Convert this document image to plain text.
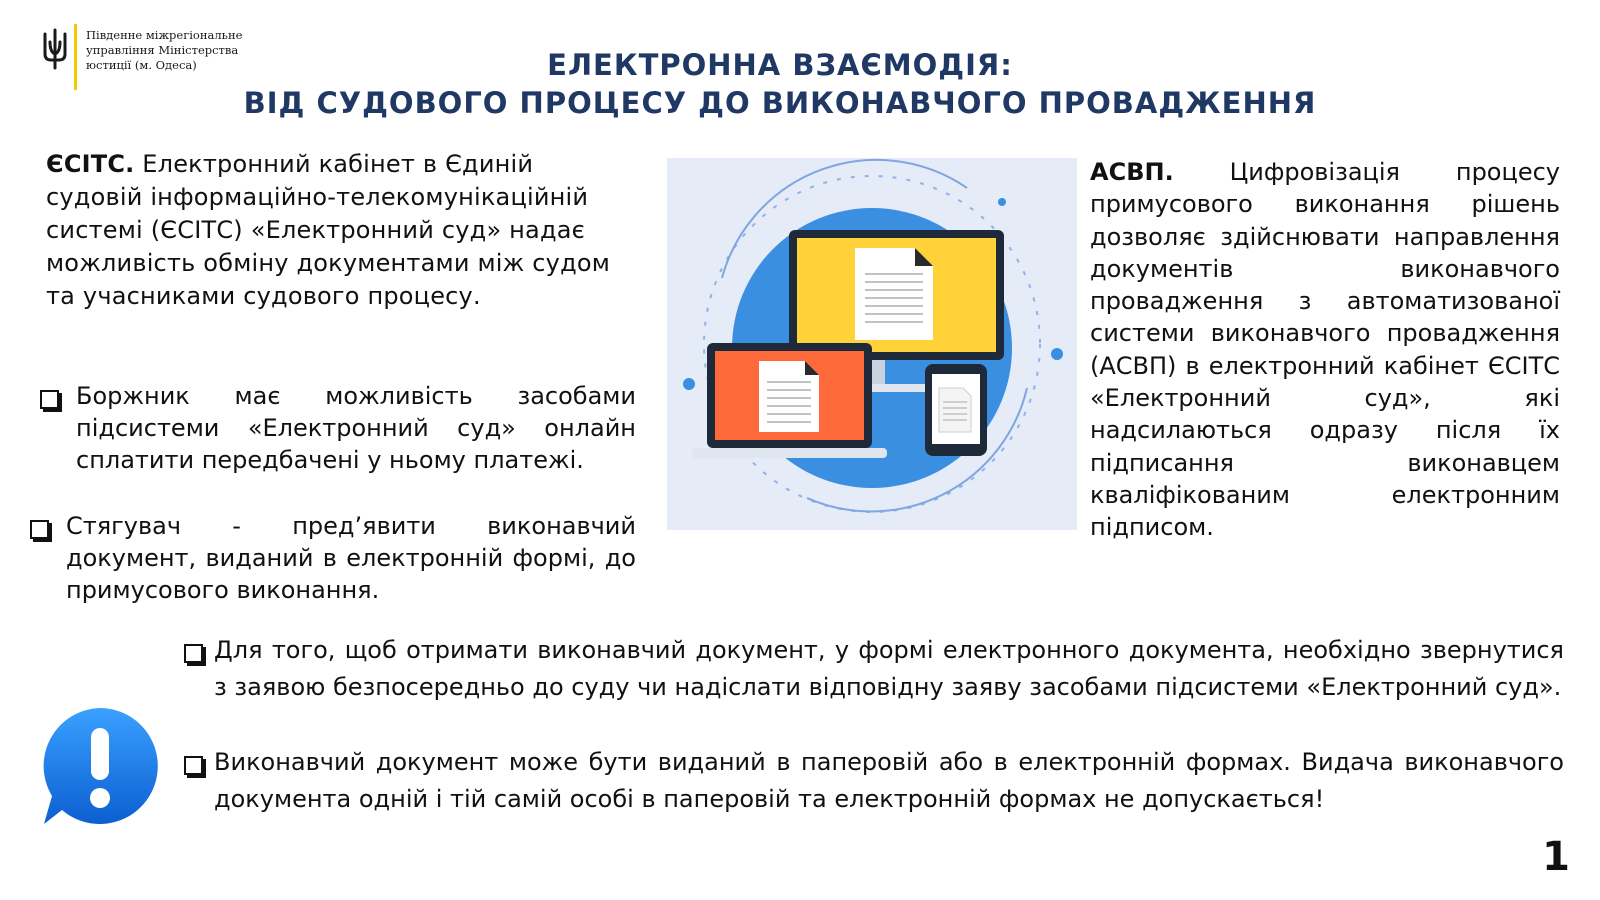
Південне міжрегіональне
управління Міністерства
юстиції (м. Одеса)	ЕЛЕКТРОННА ВЗАЄМОДІЯ:
ВІД СУДОВОГО ПРОЦЕСУ ДО ВИКОНАВЧОГО ПРОВАДЖЕННЯ
ЄСІТС. Електронний кабінет в Єдиній судовій інформаційно-телекомунікаційній системі (ЄСІТС) «Електронний суд» надає можливість обміну документами між судом та учасниками судового процесу.
Боржник має можливість засобами підсистеми «Електронний суд» онлайн сплатити передбачені у ньому платежі.
Стягувач - пред’явити виконавчий документ, виданий в електронній формі, до примусового виконання.
АСВП. Цифровізація процесу примусового виконання рішень дозволяє здійснювати направлення документів виконавчого провадження з автоматизованої системи виконавчого провадження (АСВП) в електронний кабінет ЄСІТС «Електронний суд», які надсилаються одразу після їх підписання виконавцем кваліфікованим електронним підписом.
Для того, щоб отримати виконавчий документ, у формі електронного документа, необхідно звернутися з заявою безпосередньо до суду чи надіслати відповідну заяву засобами підсистеми «Електронний суд».
Виконавчий документ може бути виданий в паперовій або в електронній формах. Видача виконавчого документа одній і тій самій особі в паперовій та електронній формах не допускається!
1
